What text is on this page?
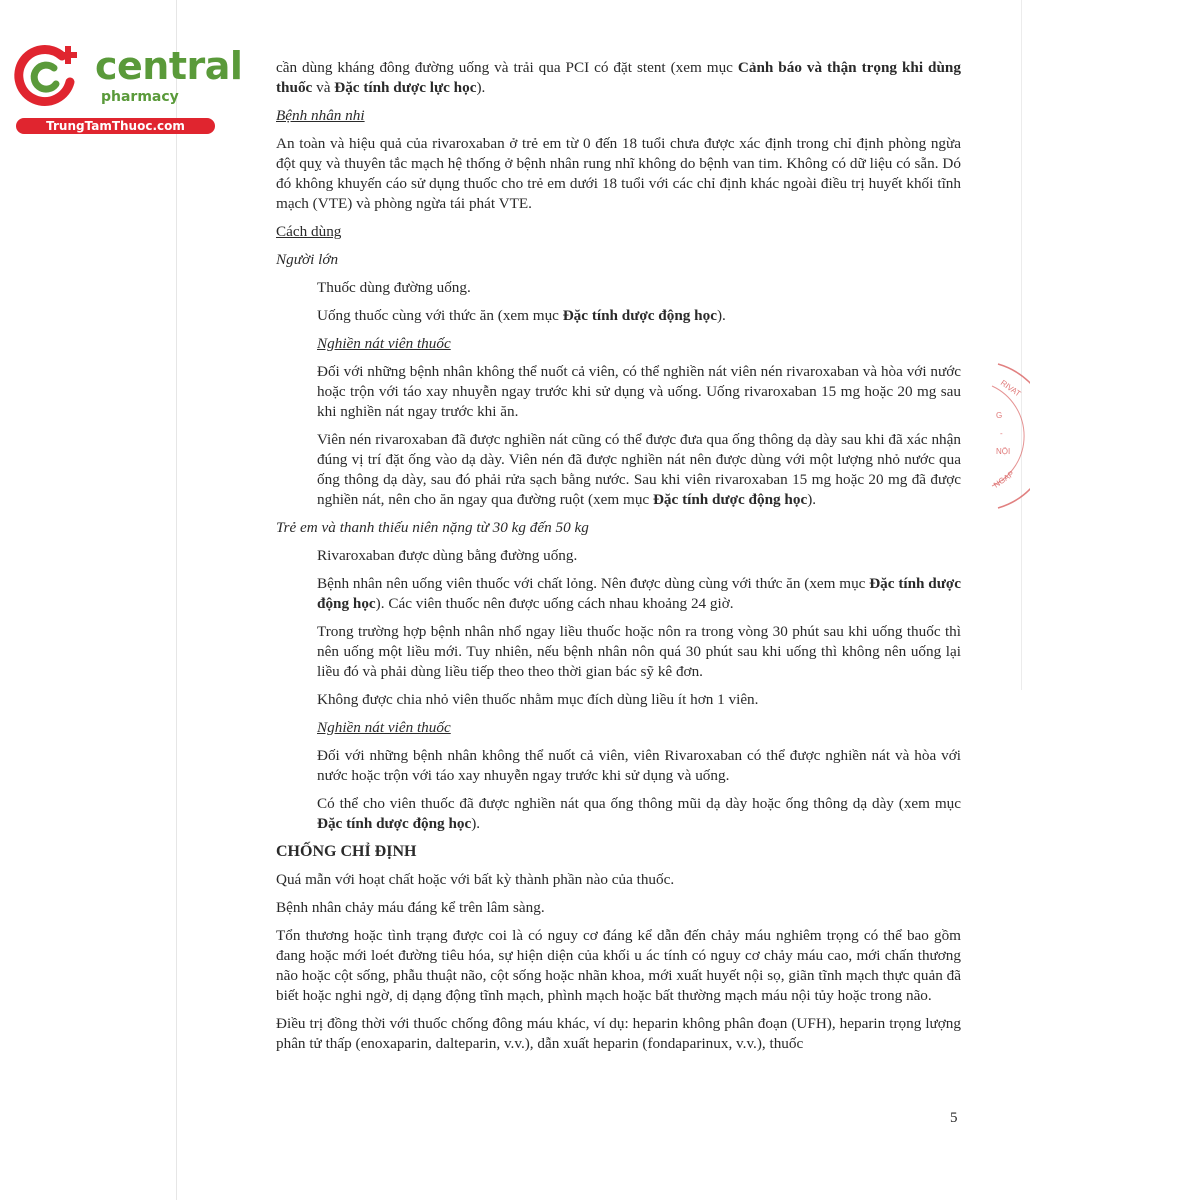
central
pharmacy
TrungTamThuoc.com
RIVAT
G
-
NỘI
NGAP

cần dùng kháng đông đường uống và trải qua PCI có đặt stent (xem mục Cảnh báo và thận trọng khi dùng thuốc và Đặc tính dược lực học).

Bệnh nhân nhi

An toàn và hiệu quả của rivaroxaban ở trẻ em từ 0 đến 18 tuổi chưa được xác định trong chỉ định phòng ngừa đột quỵ và thuyên tắc mạch hệ thống ở bệnh nhân rung nhĩ không do bệnh van tim. Không có dữ liệu có sẵn. Dó đó không khuyến cáo sử dụng thuốc cho trẻ em dưới 18 tuổi với các chỉ định khác ngoài điều trị huyết khối tĩnh mạch (VTE) và phòng ngừa tái phát VTE.

Cách dùng

Người lớn

Thuốc dùng đường uống.

Uống thuốc cùng với thức ăn (xem mục Đặc tính dược động học).

Nghiền nát viên thuốc

Đối với những bệnh nhân không thể nuốt cả viên, có thể nghiền nát viên nén rivaroxaban và hòa với nước hoặc trộn với táo xay nhuyễn ngay trước khi sử dụng và uống. Uống rivaroxaban 15 mg hoặc 20 mg sau khi nghiền nát ngay trước khi ăn.

Viên nén rivaroxaban đã được nghiền nát cũng có thể được đưa qua ống thông dạ dày sau khi đã xác nhận đúng vị trí đặt ống vào dạ dày. Viên nén đã được nghiền nát nên được dùng với một lượng nhỏ nước qua ống thông dạ dày, sau đó phải rửa sạch bằng nước. Sau khi viên rivaroxaban 15 mg hoặc 20 mg đã được nghiền nát, nên cho ăn ngay qua đường ruột (xem mục Đặc tính dược động học).

Trẻ em và thanh thiếu niên nặng từ 30 kg đến 50 kg

Rivaroxaban được dùng bằng đường uống.

Bệnh nhân nên uống viên thuốc với chất lỏng. Nên được dùng cùng với thức ăn (xem mục Đặc tính dược động học). Các viên thuốc nên được uống cách nhau khoảng 24 giờ.

Trong trường hợp bệnh nhân nhổ ngay liều thuốc hoặc nôn ra trong vòng 30 phút sau khi uống thuốc thì nên uống một liều mới. Tuy nhiên, nếu bệnh nhân nôn quá 30 phút sau khi uống thì không nên uống lại liều đó và phải dùng liều tiếp theo theo thời gian bác sỹ kê đơn.

Không được chia nhỏ viên thuốc nhằm mục đích dùng liều ít hơn 1 viên.

Nghiền nát viên thuốc

Đối với những bệnh nhân không thể nuốt cả viên, viên Rivaroxaban có thể được nghiền nát và hòa với nước hoặc trộn với táo xay nhuyễn ngay trước khi sử dụng và uống.

Có thể cho viên thuốc đã được nghiền nát qua ống thông mũi dạ dày hoặc ống thông dạ dày (xem mục Đặc tính dược động học).

CHỐNG CHỈ ĐỊNH

Quá mẫn với hoạt chất hoặc với bất kỳ thành phần nào của thuốc.

Bệnh nhân chảy máu đáng kể trên lâm sàng.

Tổn thương hoặc tình trạng được coi là có nguy cơ đáng kể dẫn đến chảy máu nghiêm trọng có thể bao gồm đang hoặc mới loét đường tiêu hóa, sự hiện diện của khối u ác tính có nguy cơ chảy máu cao, mới chấn thương não hoặc cột sống, phẫu thuật não, cột sống hoặc nhãn khoa, mới xuất huyết nội sọ, giãn tĩnh mạch thực quản đã biết hoặc nghi ngờ, dị dạng động tĩnh mạch, phình mạch hoặc bất thường mạch máu nội tủy hoặc trong não.

Điều trị đồng thời với thuốc chống đông máu khác, ví dụ: heparin không phân đoạn (UFH), heparin trọng lượng phân tử thấp (enoxaparin, dalteparin, v.v.), dẫn xuất heparin (fondaparinux, v.v.), thuốc

5
